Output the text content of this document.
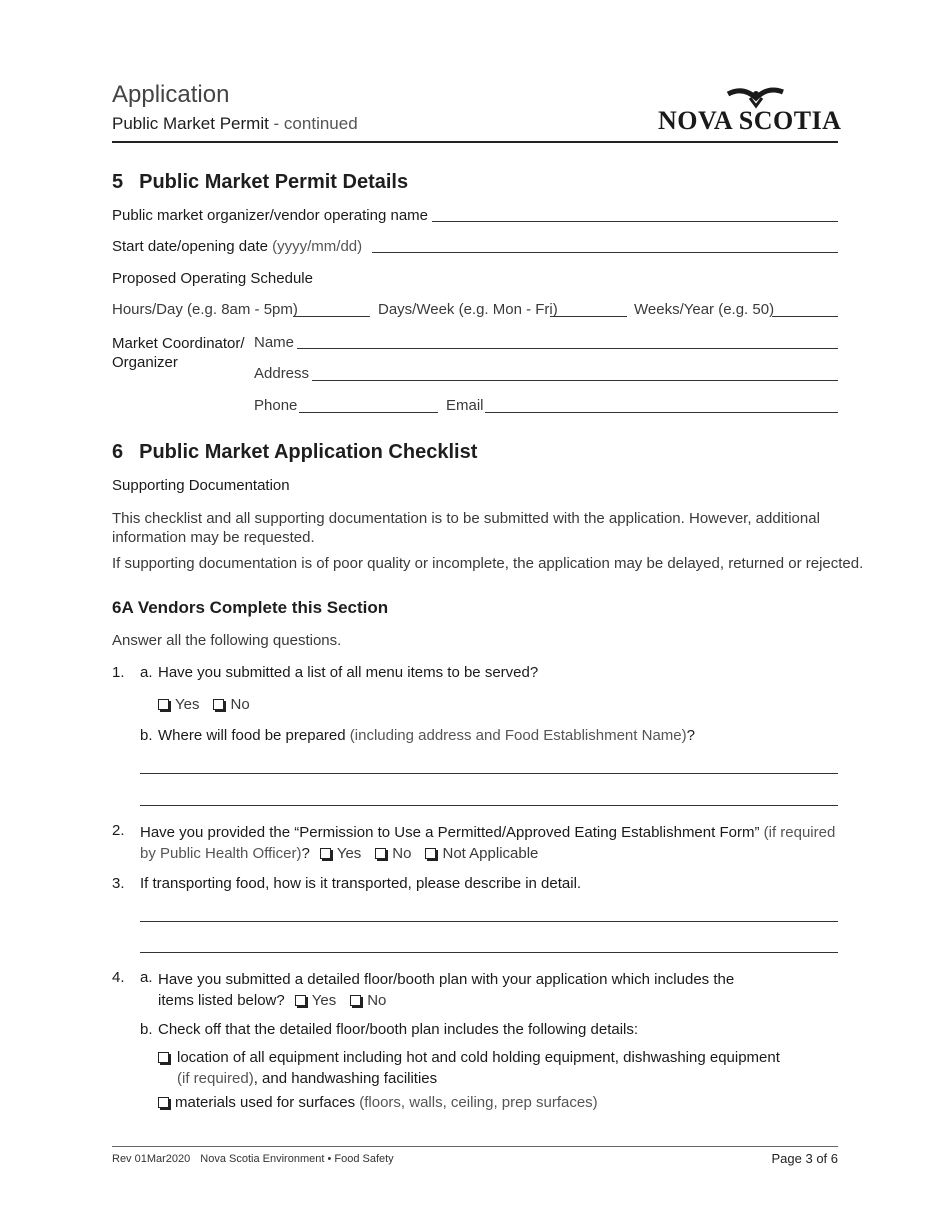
Application
Public Market Permit - continued	NOVA SCOTIA
5 Public Market Permit Details
Public market organizer/vendor operating name
Start date/opening date (yyyy/mm/dd)
Proposed Operating Schedule
Hours/Day (e.g. 8am - 5pm)	Days/Week (e.g. Mon - Fri)	Weeks/Year (e.g. 50)
Market Coordinator/
Organizer
Name
Address
Phone	Email
6 Public Market Application Checklist
Supporting Documentation
This checklist and all supporting documentation is to be submitted with the application. However, additional
information may be requested.
If supporting documentation is of poor quality or incomplete, the application may be delayed, returned or rejected.
6A Vendors Complete this Section
Answer all the following questions.
1. a. Have you submitted a list of all menu items to be served?
Yes No
b. Where will food be prepared (including address and Food Establishment Name)?
2. Have you provided the “Permission to Use a Permitted/Approved Eating Establishment Form” (if required
by Public Health Officer)? Yes No Not Applicable
3. If transporting food, how is it transported, please describe in detail.
4. a. Have you submitted a detailed floor/booth plan with your application which includes the
items listed below? Yes No
b. Check off that the detailed floor/booth plan includes the following details:
location of all equipment including hot and cold holding equipment, dishwashing equipment
(if required), and handwashing facilities
materials used for surfaces (floors, walls, ceiling, prep surfaces)
Rev 01Mar2020 Nova Scotia Environment • Food Safety	Page 3 of 6
